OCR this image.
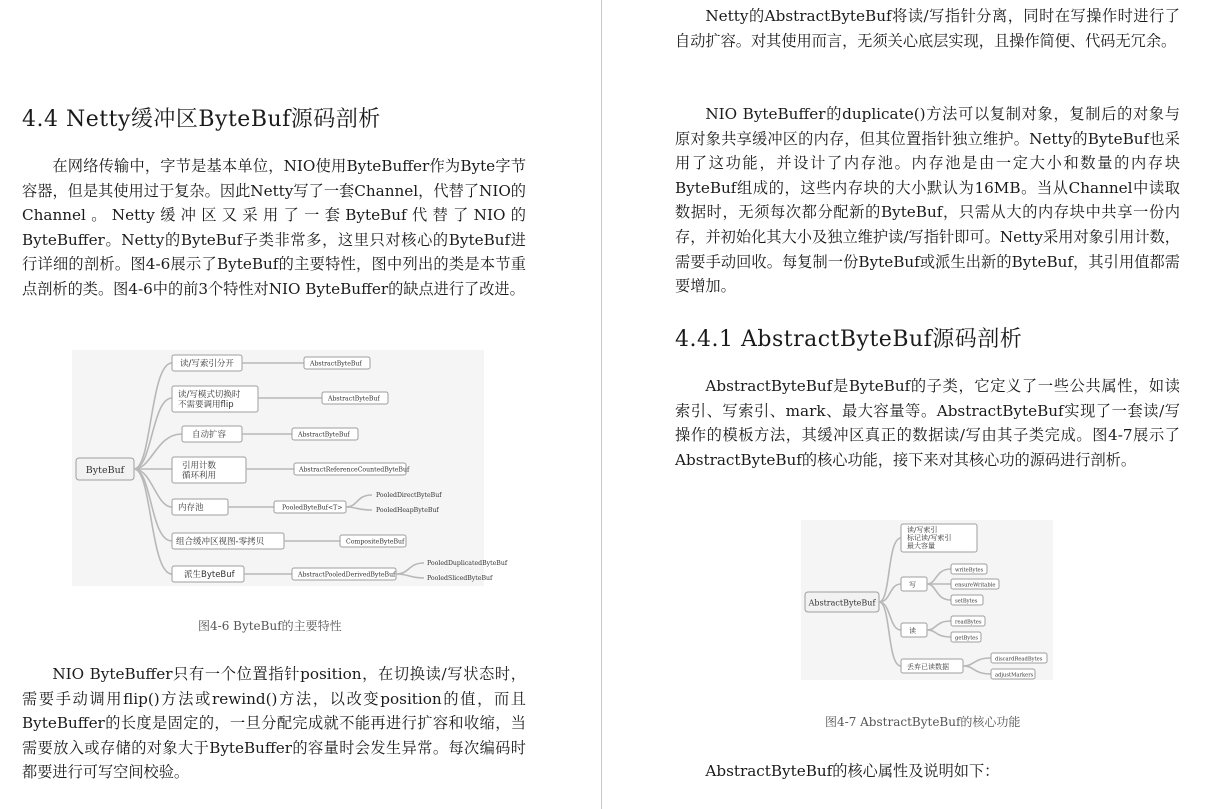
4.4 Netty缓冲区ByteBuf源码剖析
在网络传输中，字节是基本单位，NIO使用ByteBuffer作为Byte字节容器，但是其使用过于复杂。因此Netty写了一套Channel，代替了NIO的Channel。Netty缓冲区又采用了一套ByteBuf代替了NIO的ByteBuffer。Netty的ByteBuf子类非常多，这里只对核心的ByteBuf进行详细的剖析。图4-6展示了ByteBuf的主要特性，图中列出的类是本节重点剖析的类。图4-6中的前3个特性对NIO ByteBuffer的缺点进行了改进。
ByteBuf
读/写索引分开
读/写模式切换时
不需要调用flip
自动扩容
引用计数
循环利用
内存池
组合缓冲区视图-零拷贝
派生ByteBuf
AbstractByteBuf
AbstractByteBuf
AbstractByteBuf
AbstractReferenceCountedByteBuf
PooledByteBuf<T>
CompositeByteBuf
AbstractPooledDerivedByteBuf
PooledDirectByteBuf
PooledHeapByteBuf
PooledDuplicatedByteBuf
PooledSlicedByteBuf
图4-6 ByteBuf的主要特性
NIO ByteBuffer只有一个位置指针position，在切换读/写状态时，需要手动调用flip()方法或rewind()方法，以改变position的值，而且ByteBuffer的长度是固定的，一旦分配完成就不能再进行扩容和收缩，当需要放入或存储的对象大于ByteBuffer的容量时会发生异常。每次编码时都要进行可写空间校验。
Netty的AbstractByteBuf将读/写指针分离，同时在写操作时进行了自动扩容。对其使用而言，无须关心底层实现，且操作简便、代码无冗余。
NIO ByteBuffer的duplicate()方法可以复制对象，复制后的对象与原对象共享缓冲区的内存，但其位置指针独立维护。Netty的ByteBuf也采用了这功能，并设计了内存池。内存池是由一定大小和数量的内存块ByteBuf组成的，这些内存块的大小默认为16MB。当从Channel中读取数据时，无须每次都分配新的ByteBuf，只需从大的内存块中共享一份内存，并初始化其大小及独立维护读/写指针即可。Netty采用对象引用计数，需要手动回收。每复制一份ByteBuf或派生出新的ByteBuf，其引用值都需要增加。
4.4.1 AbstractByteBuf源码剖析
AbstractByteBuf是ByteBuf的子类，它定义了一些公共属性，如读索引、写索引、mark、最大容量等。AbstractByteBuf实现了一套读/写操作的模板方法，其缓冲区真正的数据读/写由其子类完成。图4-7展示了AbstractByteBuf的核心功能，接下来对其核心功的源码进行剖析。
AbstractByteBuf
读/写索引
标记读/写索引
最大容量
写
writeBytes
ensureWritable
setBytes
读
readBytes
getBytes
丢弃已读数据
discardReadBytes
adjustMarkers
图4-7 AbstractByteBuf的核心功能
AbstractByteBuf的核心属性及说明如下：
